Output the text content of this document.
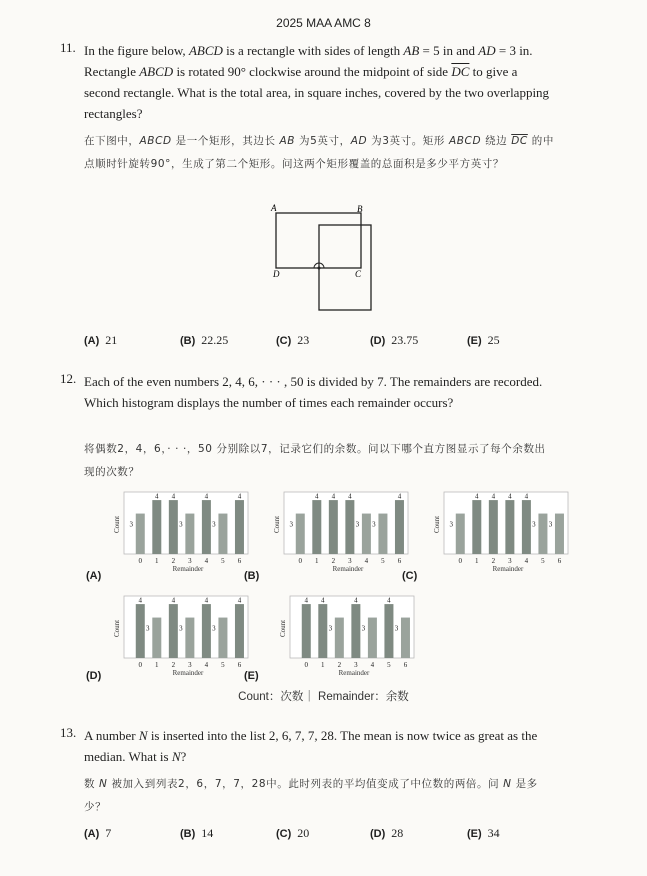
2025 MAA AMC 8
11. In the figure below, ABCD is a rectangle with sides of length AB = 5 in and AD = 3 in. Rectangle ABCD is rotated 90° clockwise around the midpoint of side $\overline{DC}$ to give a second rectangle. What is the total area, in square inches, covered by the two overlapping rectangles?
在下图中，ABCD 是一个矩形，其边长 AB 为5英寸，AD 为3英寸。矩形 ABCD 绕边 $\overline{DC}$ 的中点顺时针旋转90°，生成了第二个矩形。问这两个矩形覆盖的总面积是多少平方英寸？
A	B
C
D
(A) 21	(B) 22.25	(C) 23	(D) 23.75	(E) 25
12. Each of the even numbers 2, 4, 6, · · · , 50 is divided by 7. The remainders are recorded. Which histogram displays the number of times each remainder occurs?
将偶数2，4，6，· · ·，50 分别除以7，记录它们的余数。问以下哪个直方图显示了每个余数出现的次数？
Count 3
0
4
1
4
2
3
3
4
4
3
5
4
6
Remainder
Count 3
0
4
1
4
2
4
3
3
4
3
5
4
6
Remainder
Count 3
0
4
1
4
2
4
3
4
4
3
5
3
6
Remainder
Count
4
0
3
1
4
2
3
3
4
4
3
5
4
6
Remainder
Count
4
0
4
1
3
2
4
3
3
4
4
5
3
6
Remainder
(A)	(B)	(C)
(D)	(E)
Count：次数｜ Remainder：余数
13. A number N is inserted into the list 2, 6, 7, 7, 28. The mean is now twice as great as the median. What is N?
数 N 被加入到列表2，6，7，7，28中。此时列表的平均值变成了中位数的两倍。问 N 是多少？
(A) 7	(B) 14	(C) 20	(D) 28	(E) 34
